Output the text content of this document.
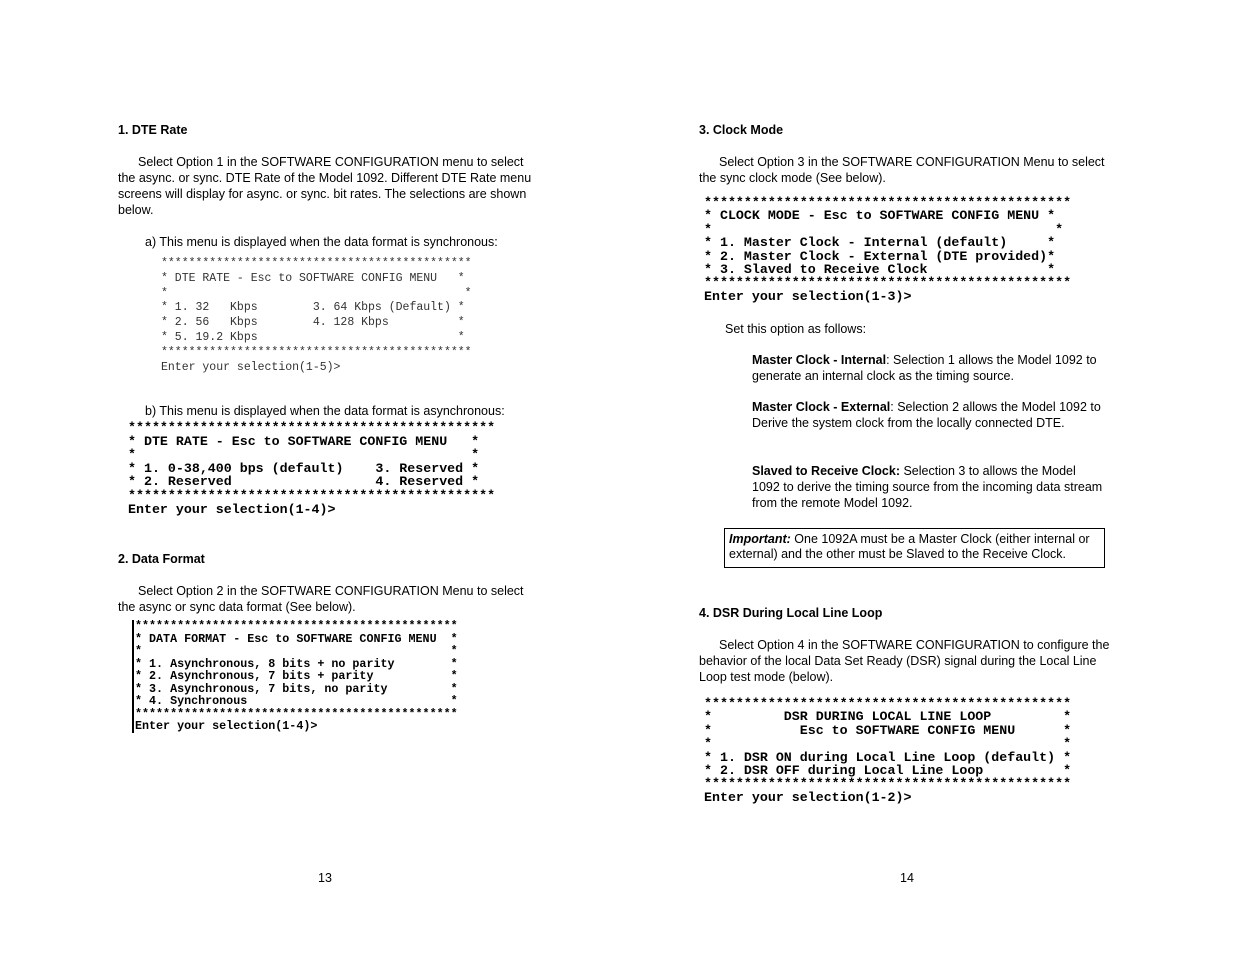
1. DTE Rate
Select Option 1 in the SOFTWARE CONFIGURATION menu to select the async. or sync. DTE Rate of the Model 1092. Different DTE Rate menu screens will display for async. or sync. bit rates. The selections are shown below.
a) This menu is displayed when the data format is synchronous:
*********************************************
* DTE RATE - Esc to SOFTWARE CONFIG MENU   *
*                                           *
* 1. 32   Kbps        3. 64 Kbps (Default) *
* 2. 56   Kbps        4. 128 Kbps          *
* 5. 19.2 Kbps                             *
*********************************************
Enter your selection(1-5)>
b) This menu is displayed when the data format is asynchronous:
**********************************************
* DTE RATE - Esc to SOFTWARE CONFIG MENU   *
*                                          *
* 1. 0-38,400 bps (default)    3. Reserved *
* 2. Reserved                  4. Reserved *
**********************************************
Enter your selection(1-4)>
2. Data Format
Select Option 2 in the SOFTWARE CONFIGURATION Menu to select the async or sync data format (See below).
**********************************************
* DATA FORMAT - Esc to SOFTWARE CONFIG MENU  *
*                                            *
* 1. Asynchronous, 8 bits + no parity        *
* 2. Asynchronous, 7 bits + parity           *
* 3. Asynchronous, 7 bits, no parity         *
* 4. Synchronous                             *
**********************************************
Enter your selection(1-4)>
13
3. Clock Mode
Select Option 3 in the SOFTWARE CONFIGURATION Menu to select the sync clock mode (See below).
**********************************************
* CLOCK MODE - Esc to SOFTWARE CONFIG MENU *
*                                           *
* 1. Master Clock - Internal (default)     *
* 2. Master Clock - External (DTE provided)*
* 3. Slaved to Receive Clock               *
**********************************************
Enter your selection(1-3)>
Set this option as follows:
Master Clock - Internal: Selection 1 allows the Model 1092 to generate an internal clock as the timing source.
Master Clock - External: Selection 2 allows the Model 1092 to Derive the system clock from the locally connected DTE.
Slaved to Receive Clock: Selection 3 to allows the Model 1092 to derive the timing source from the incoming data stream from the remote Model 1092.
Important: One 1092A must be a Master Clock (either internal or external) and the other must be Slaved to the Receive Clock.
4. DSR During Local Line Loop
Select Option 4 in the SOFTWARE CONFIGURATION to configure the behavior of the local Data Set Ready (DSR) signal during the Local Line Loop test mode (below).
**********************************************
*         DSR DURING LOCAL LINE LOOP         *
*           Esc to SOFTWARE CONFIG MENU      *
*                                            *
* 1. DSR ON during Local Line Loop (default) *
* 2. DSR OFF during Local Line Loop          *
**********************************************
Enter your selection(1-2)>
14
